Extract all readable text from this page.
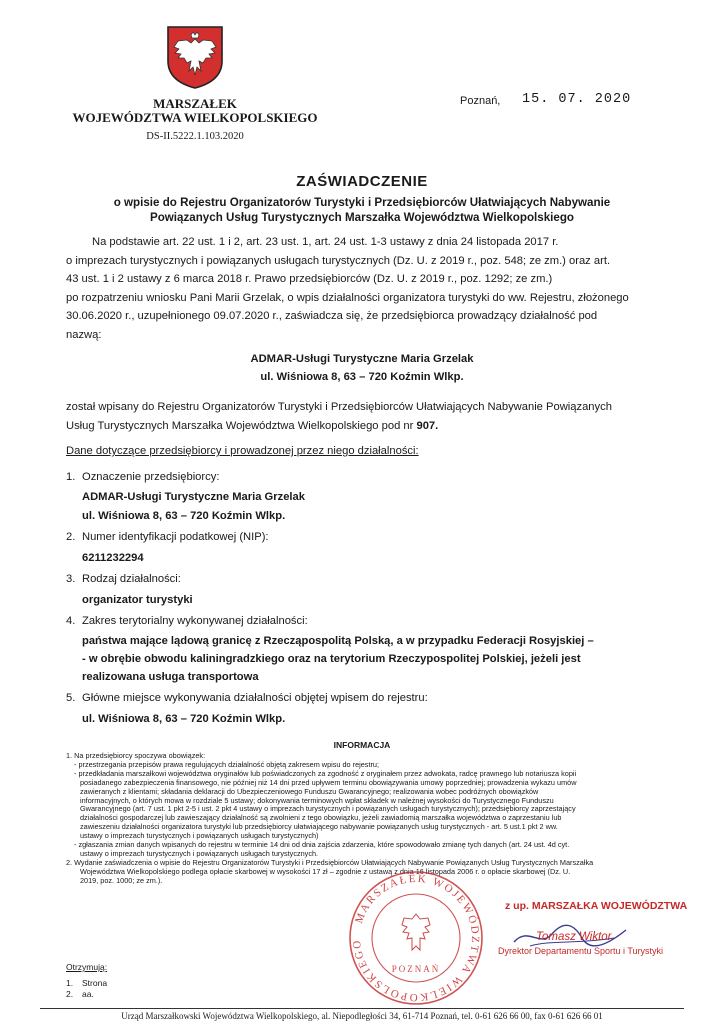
MARSZAŁEK
WOJEWÓDZTWA WIELKOPOLSKIEGO
DS-II.5222.1.103.2020
Poznań, 15. 07. 2020
ZAŚWIADCZENIE
o wpisie do Rejestru Organizatorów Turystyki i Przedsiębiorców Ułatwiających Nabywanie
Powiązanych Usług Turystycznych Marszałka Województwa Wielkopolskiego
Na podstawie art. 22 ust. 1 i 2, art. 23 ust. 1, art. 24 ust. 1-3 ustawy z dnia 24 listopada 2017 r.
o imprezach turystycznych i powiązanych usługach turystycznych (Dz. U. z 2019 r., poz. 548; ze zm.) oraz art.
43 ust. 1 i 2 ustawy z 6 marca 2018 r. Prawo przedsiębiorców (Dz. U. z 2019 r., poz. 1292; ze zm.)
po rozpatrzeniu wniosku Pani Marii Grzelak, o wpis działalności organizatora turystyki do ww. Rejestru, złożonego
30.06.2020 r., uzupełnionego 09.07.2020 r., zaświadcza się, że przedsiębiorca prowadzący działalność pod
nazwą:
ADMAR-Usługi Turystyczne Maria Grzelak
ul. Wiśniowa 8, 63 – 720 Koźmin Wlkp.
został wpisany do Rejestru Organizatorów Turystyki i Przedsiębiorców Ułatwiających Nabywanie Powiązanych
Usług Turystycznych Marszałka Województwa Wielkopolskiego pod nr 907.
Dane dotyczące przedsiębiorcy i prowadzonej przez niego działalności:
1. Oznaczenie przedsiębiorcy:
ADMAR-Usługi Turystyczne Maria Grzelak
ul. Wiśniowa 8, 63 – 720 Koźmin Wlkp.
2. Numer identyfikacji podatkowej (NIP):
6211232294
3. Rodzaj działalności:
organizator turystyki
4. Zakres terytorialny wykonywanej działalności:
państwa mające lądową granicę z Rzecząpospolitą Polską, a w przypadku Federacji Rosyjskiej –
- w obrębie obwodu kaliningradzkiego oraz na terytorium Rzeczypospolitej Polskiej, jeżeli jest
realizowana usługa transportowa
5. Główne miejsce wykonywania działalności objętej wpisem do rejestru:
ul. Wiśniowa 8, 63 – 720 Koźmin Wlkp.
INFORMACJA
1. Na przedsiębiorcy spoczywa obowiązek:
- przestrzegania przepisów prawa regulujących działalność objętą zakresem wpisu do rejestru;
- przedkładania marszałkowi województwa oryginałów lub poświadczonych za zgodność z oryginałem przez adwokata, radcę prawnego lub notariusza kopii
posiadanego zabezpieczenia finansowego, nie później niż 14 dni przed upływem terminu obowiązywania umowy poprzedniej; prowadzenia wykazu umów
zawieranych z klientami; składania deklaracji do Ubezpieczeniowego Funduszu Gwarancyjnego; realizowania wobec podróżnych obowiązków
informacyjnych, o których mowa w rozdziale 5 ustawy; dokonywania terminowych wpłat składek w należnej wysokości do Turystycznego Funduszu
Gwarancyjnego (art. 7 ust. 1 pkt 2-5 i ust. 2 pkt 4 ustawy o imprezach turystycznych i powiązanych usługach turystycznych); przedsiębiorcy zaprzestający
działalności gospodarczej lub zawieszający działalność są zwolnieni z tego obowiązku, jeżeli zawiadomią marszałka województwa o zaprzestaniu lub
zawieszeniu działalności organizatora turystyki lub przedsiębiorcy ułatwiającego nabywanie powiązanych usług turystycznych - art. 5 ust.1 pkt 2 ww.
ustawy o imprezach turystycznych i powiązanych usługach turystycznych)
- zgłaszania zmian danych wpisanych do rejestru w terminie 14 dni od dnia zajścia zdarzenia, które spowodowało zmianę tych danych (art. 24 ust. 4d cyt.
ustawy o imprezach turystycznych i powiązanych usługach turystycznych.
2. Wydanie zaświadczenia o wpisie do Rejestru Organizatorów Turystyki i Przedsiębiorców Ułatwiających Nabywanie Powiązanych Usług Turystycznych Marszałka
Województwa Wielkopolskiego podlega opłacie skarbowej w wysokości 17 zł – zgodnie z ustawą z dnia 16 listopada 2006 r. o opłacie skarbowej (Dz. U.
2019, poz. 1000; ze zm.).
MARSZAŁEK WOJEWÓDZTWA WIELKOPOLSKIEGO
POZNAŃ
z up. MARSZAŁKA WOJEWÓDZTWA
Tomasz Wiktor
Dyrektor Departamentu Sportu i Turystyki
Otrzymują:
1. Strona
2. aa.
Urząd Marszałkowski Województwa Wielkopolskiego, al. Niepodległości 34, 61-714 Poznań, tel. 0-61 626 66 00, fax 0-61 626 66 01
